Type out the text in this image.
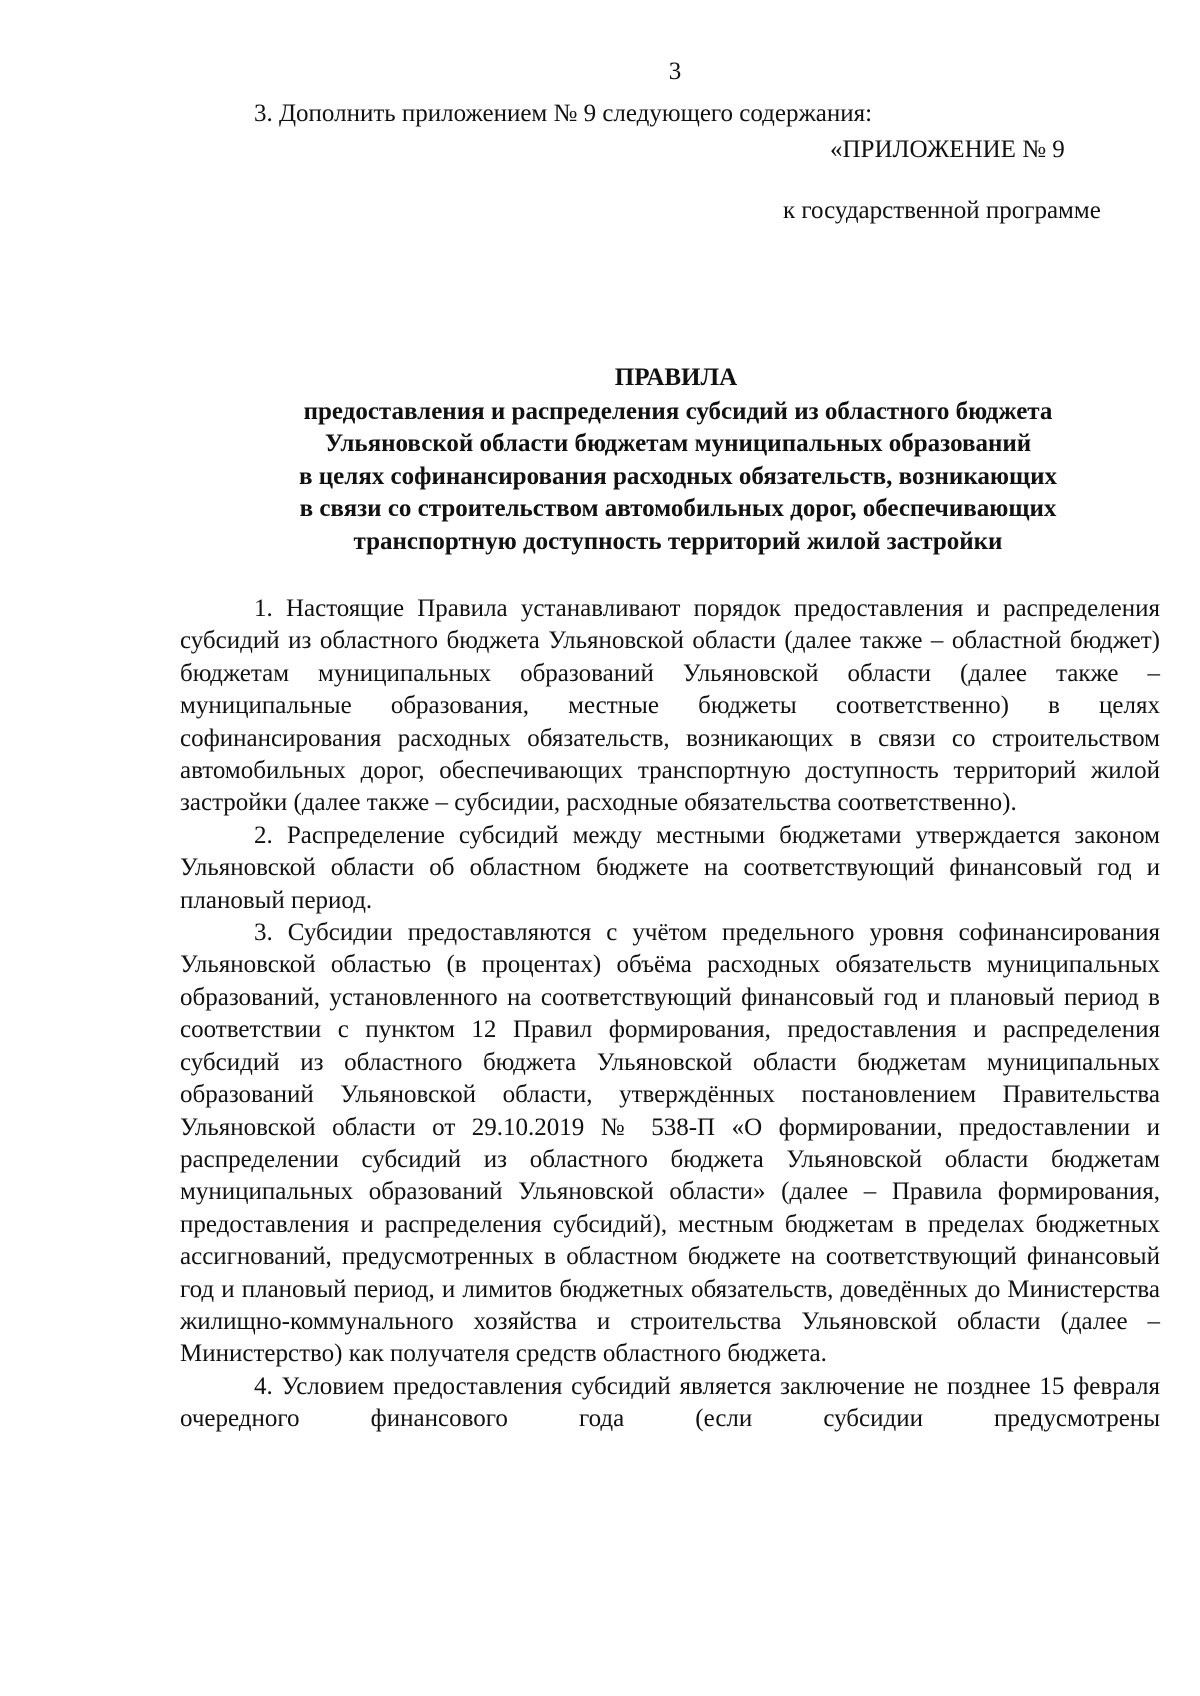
3
3. Дополнить приложением № 9 следующего содержания:
«ПРИЛОЖЕНИЕ № 9
к государственной программе
ПРАВИЛА
предоставления и распределения субсидий из областного бюджета
Ульяновской области бюджетам муниципальных образований
в целях софинансирования расходных обязательств, возникающих
в связи со строительством автомобильных дорог, обеспечивающих
транспортную доступность территорий жилой застройки

1. Настоящие Правила устанавливают порядок предоставления и распределения субсидий из областного бюджета Ульяновской области (далее также – областной бюджет) бюджетам муниципальных образований Ульяновской области (далее также – муниципальные образования, местные бюджеты соответственно) в целях софинансирования расходных обязательств, возникающих в связи со строительством автомобильных дорог, обеспечивающих транспортную доступность территорий жилой застройки (далее также – субсидии, расходные обязательства соответственно).

2. Распределение субсидий между местными бюджетами утверждается законом Ульяновской области об областном бюджете на соответствующий финансовый год и плановый период.

3. Субсидии предоставляются с учётом предельного уровня софинансирования Ульяновской областью (в процентах) объёма расходных обязательств муниципальных образований, установленного на соответствующий финансовый год и плановый период в соответствии с пунктом 12 Правил формирования, предоставления и распределения субсидий из областного бюджета Ульяновской области бюджетам муниципальных образований Ульяновской области, утверждённых постановлением Правительства Ульяновской области от 29.10.2019 № 538-П «О формировании, предоставлении и распределении субсидий из областного бюджета Ульяновской области бюджетам муниципальных образований Ульяновской области» (далее – Правила формирования, предоставления и распределения субсидий), местным бюджетам в пределах бюджетных ассигнований, предусмотренных в областном бюджете на соответствующий финансовый год и плановый период, и лимитов бюджетных обязательств, доведённых до Министерства жилищно-коммунального хозяйства и строительства Ульяновской области (далее – Министерство) как получателя средств областного бюджета.

4. Условием предоставления субсидий является заключение не позднее 15 февраля очередного финансового года (если субсидии предусмотрены
